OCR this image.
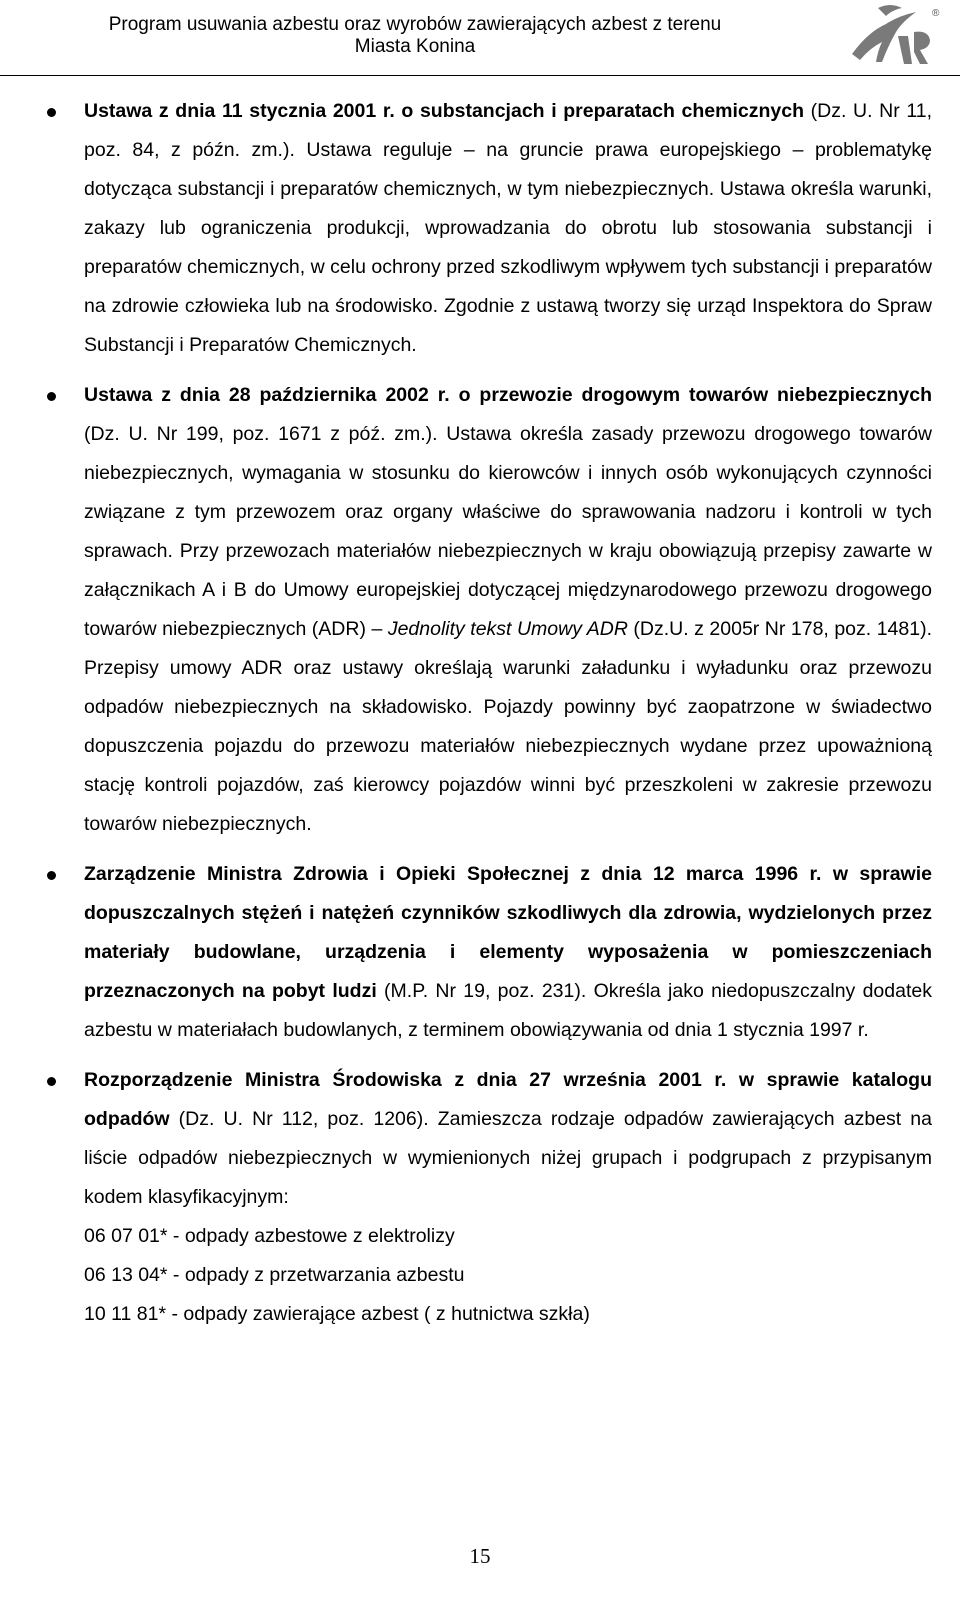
Program usuwania azbestu oraz wyrobów zawierających azbest z terenu
Miasta Konina
®
Ustawa z dnia 11 stycznia 2001 r. o substancjach i preparatach chemicznych (Dz. U. Nr 11, poz. 84, z późn. zm.). Ustawa reguluje – na gruncie prawa europejskiego – problematykę dotycząca substancji i preparatów chemicznych, w tym niebezpiecznych. Ustawa określa warunki, zakazy lub ograniczenia produkcji, wprowadzania do obrotu lub stosowania substancji i preparatów chemicznych, w celu ochrony przed szkodliwym wpływem tych substancji i preparatów na zdrowie człowieka lub na środowisko. Zgodnie z ustawą tworzy się urząd Inspektora do Spraw Substancji i Preparatów Chemicznych.
Ustawa z dnia 28 października 2002 r. o przewozie drogowym towarów niebezpiecznych (Dz. U. Nr 199, poz. 1671 z póź. zm.). Ustawa określa zasady przewozu drogowego towarów niebezpiecznych, wymagania w stosunku do kierowców i innych osób wykonujących czynności związane z tym przewozem oraz organy właściwe do sprawowania nadzoru i kontroli w tych sprawach. Przy przewozach materiałów niebezpiecznych w kraju obowiązują przepisy zawarte w załącznikach A i B do Umowy europejskiej dotyczącej międzynarodowego przewozu drogowego towarów niebezpiecznych (ADR) – Jednolity tekst Umowy ADR (Dz.U. z 2005r Nr 178, poz. 1481). Przepisy umowy ADR oraz ustawy określają warunki załadunku i wyładunku oraz przewozu odpadów niebezpiecznych na składowisko. Pojazdy powinny być zaopatrzone w świadectwo dopuszczenia pojazdu do przewozu materiałów niebezpiecznych wydane przez upoważnioną stację kontroli pojazdów, zaś kierowcy pojazdów winni być przeszkoleni w zakresie przewozu towarów niebezpiecznych.
Zarządzenie Ministra Zdrowia i Opieki Społecznej z dnia 12 marca 1996 r. w sprawie dopuszczalnych stężeń i natężeń czynników szkodliwych dla zdrowia, wydzielonych przez materiały budowlane, urządzenia i elementy wyposażenia w pomieszczeniach przeznaczonych na pobyt ludzi (M.P. Nr 19, poz. 231). Określa jako niedopuszczalny dodatek azbestu w materiałach budowlanych, z terminem obowiązywania od dnia 1 stycznia 1997 r.
Rozporządzenie Ministra Środowiska z dnia 27 września 2001 r. w sprawie katalogu odpadów (Dz. U. Nr 112, poz. 1206). Zamieszcza rodzaje odpadów zawierających azbest na liście odpadów niebezpiecznych w wymienionych niżej grupach i podgrupach z przypisanym kodem klasyfikacyjnym:
06 07 01* - odpady azbestowe z elektrolizy
06 13 04* - odpady z przetwarzania azbestu
10 11 81* - odpady zawierające azbest ( z hutnictwa szkła)
15
